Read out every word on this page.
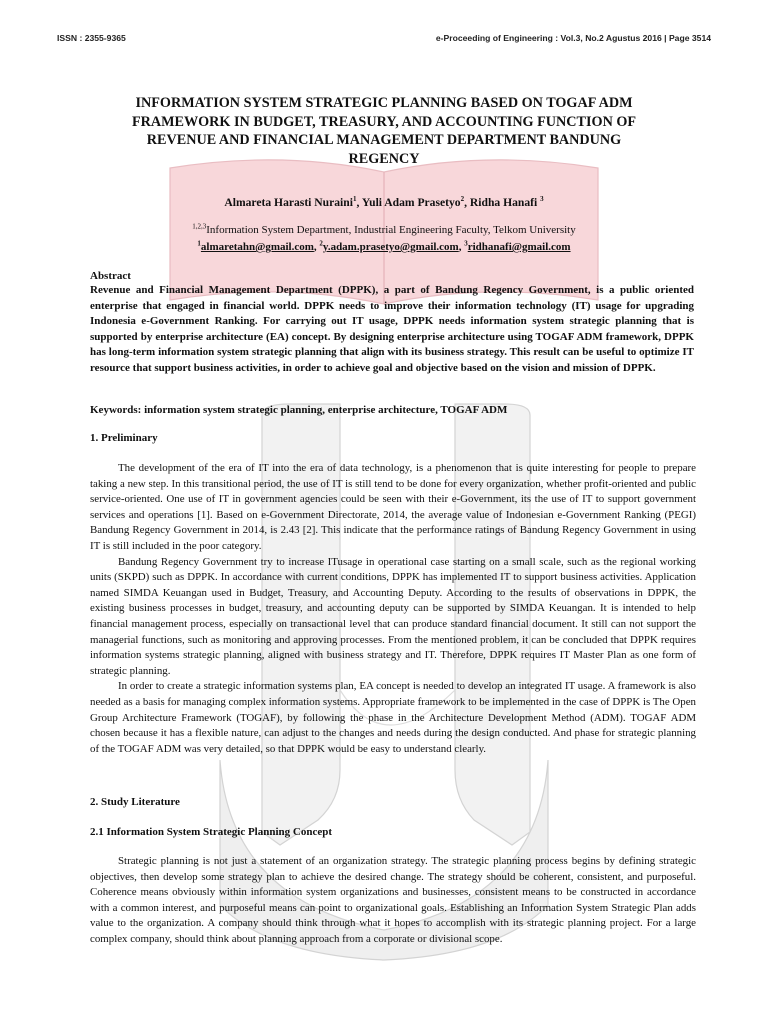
ISSN : 2355-9365	e-Proceeding of Engineering : Vol.3, No.2 Agustus 2016 | Page 3514
INFORMATION SYSTEM STRATEGIC PLANNING BASED ON TOGAF ADM FRAMEWORK IN BUDGET, TREASURY, AND ACCOUNTING FUNCTION OF REVENUE AND FINANCIAL MANAGEMENT DEPARTMENT BANDUNG REGENCY
Almareta Harasti Nuraini$^1$, Yuli Adam Prasetyo$^2$, Ridha Hanafi $^3$
$^{1,2,3}$Information System Department, Industrial Engineering Faculty, Telkom University
$^1$almaretahn@gmail.com, $^2$y.adam.prasetyo@gmail.com, $^3$ridhanafi@gmail.com
Abstract

Revenue and Financial Management Department (DPPK), a part of Bandung Regency Government, is a public oriented enterprise that engaged in financial world. DPPK needs to improve their information technology (IT) usage for upgrading Indonesia e-Government Ranking. For carrying out IT usage, DPPK needs information system strategic planning that is supported by enterprise architecture (EA) concept. By designing enterprise architecture using TOGAF ADM framework, DPPK has long-term information system strategic planning that align with its business strategy. This result can be useful to optimize IT resource that support business activities, in order to achieve goal and objective based on the vision and mission of DPPK.

Keywords: information system strategic planning, enterprise architecture, TOGAF ADM
1. Preliminary

The development of the era of IT into the era of data technology, is a phenomenon that is quite interesting for people to prepare taking a new step. In this transitional period, the use of IT is still tend to be done for every organization, whether profit-oriented and public service-oriented. One use of IT in government agencies could be seen with their e-Government, its the use of IT to support government services and operations [1]. Based on e-Government Directorate, 2014, the average value of Indonesian e-Government Ranking (PEGI) Bandung Regency Government in 2014, is 2.43 [2]. This indicate that the performance ratings of Bandung Regency Government in using IT is still included in the poor category.
Bandung Regency Government try to increase ITusage in operational case starting on a small scale, such as the regional working units (SKPD) such as DPPK. In accordance with current conditions, DPPK has implemented IT to support business activities. Application named SIMDA Keuangan used in Budget, Treasury, and Accounting Deputy. According to the results of observations in DPPK, the existing business processes in budget, treasury, and accounting deputy can be supported by SIMDA Keuangan. It is intended to help financial management process, especially on transactional level that can produce standard financial document. It still can not support the managerial functions, such as monitoring and approving processes. From the mentioned problem, it can be concluded that DPPK requires information systems strategic planning, aligned with business strategy and IT. Therefore, DPPK requires IT Master Plan as one form of strategic planning.
In order to create a strategic information systems plan, EA concept is needed to develop an integrated IT usage. A framework is also needed as a basis for managing complex information systems. Appropriate framework to be implemented in the case of DPPK is The Open Group Architecture Framework (TOGAF), by following the phase in the Architecture Development Method (ADM). TOGAF ADM chosen because it has a flexible nature, can adjust to the changes and needs during the design conducted. And phase for strategic planning of the TOGAF ADM was very detailed, so that DPPK would be easy to understand clearly.

2. Study Literature
2.1 Information System Strategic Planning Concept

Strategic planning is not just a statement of an organization strategy. The strategic planning process begins by defining strategic objectives, then develop some strategy plan to achieve the desired change. The strategy should be coherent, consistent, and purposeful. Coherence means obviously within information system organizations and businesses, consistent means to be constructed in accordance with a common interest, and purposeful means can point to organizational goals. Establishing an Information System Strategic Plan adds value to the organization. A company should think through what it hopes to accomplish with its strategic planning project. For a large complex company, should think about planning approach from a corporate or divisional scope.
